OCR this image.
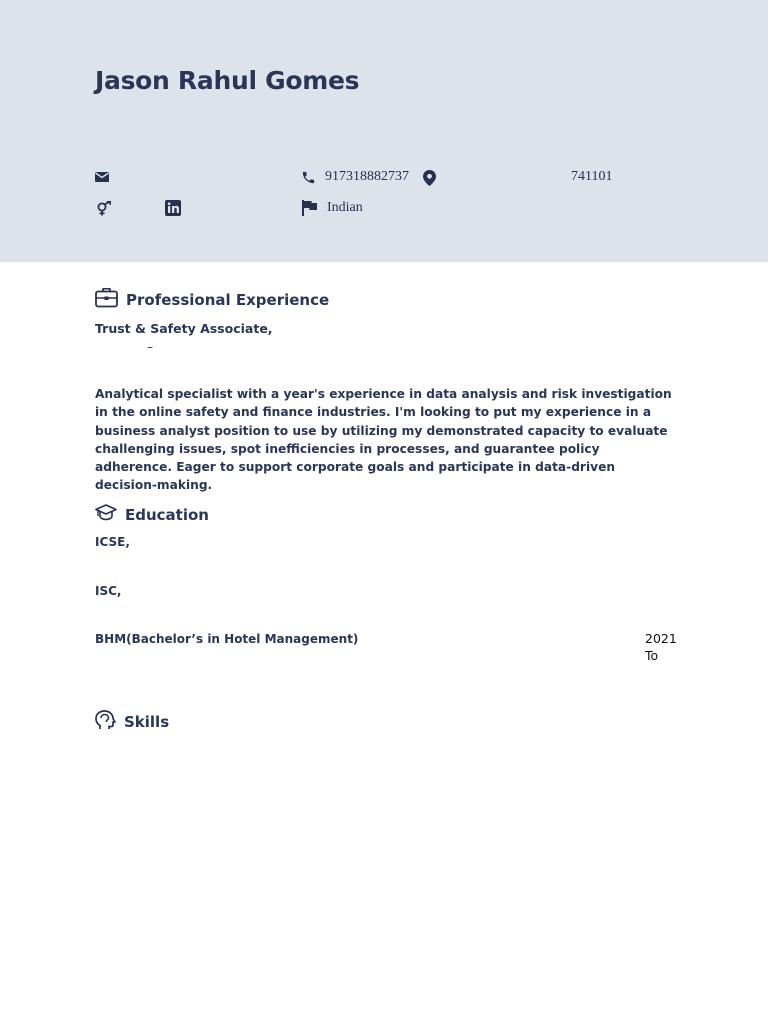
Jason Rahul Gomes
917318882737	741101
Indian
Professional Experience
Trust & Safety Associate,
–
Analytical specialist with a year's experience in data analysis and risk investigation in the online safety and finance industries. I'm looking to put my experience in a business analyst position to use by utilizing my demonstrated capacity to evaluate challenging issues, spot inefficiencies in processes, and guarantee policy adherence. Eager to support corporate goals and participate in data-driven decision-making.
Education
ICSE,
ISC,
BHM(Bachelor’s in Hotel Management)	2021
To
Skills
